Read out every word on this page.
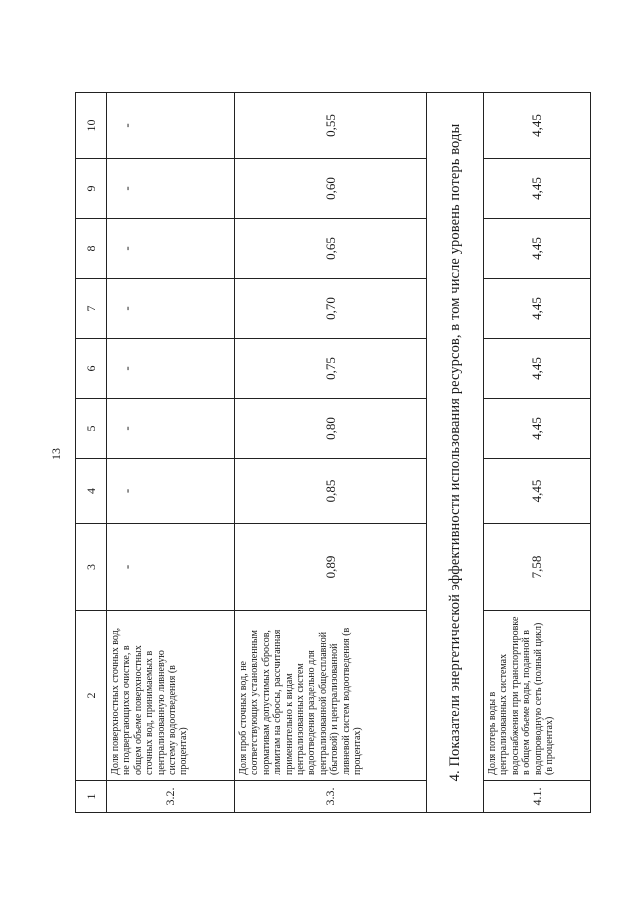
13
1	2	3	4	5	6	7	8	9	10
3.2.	Доля поверхностных сточных вод, не подвергающихся очистке, в общем объеме поверхностных сточных вод, принимаемых в централизованную ливневую систему водоотведения (в процентах)	-	-	-	-	-	-	-	-
3.3.	Доля проб сточных вод, не соответствующих установленным нормативам допустимых сбросов, лимитам на сбросы, рассчитанная применительно к видам централизованных систем водоотведения раздельно для централизованной общесплавной (бытовой) и централизованной ливневой систем водоотведения (в процентах)	0,89	0,85	0,80	0,75	0,70	0,65	0,60	0,55
4. Показатели энергетической эффективности использования ресурсов, в том числе уровень потерь воды									
4.1.	Доля потерь воды в централизованных системах водоснабжения при транспортировке в общем объеме воды, поданной в водопроводную сеть (полный цикл) (в процентах)	7,58	4,45	4,45	4,45	4,45	4,45	4,45	4,45
